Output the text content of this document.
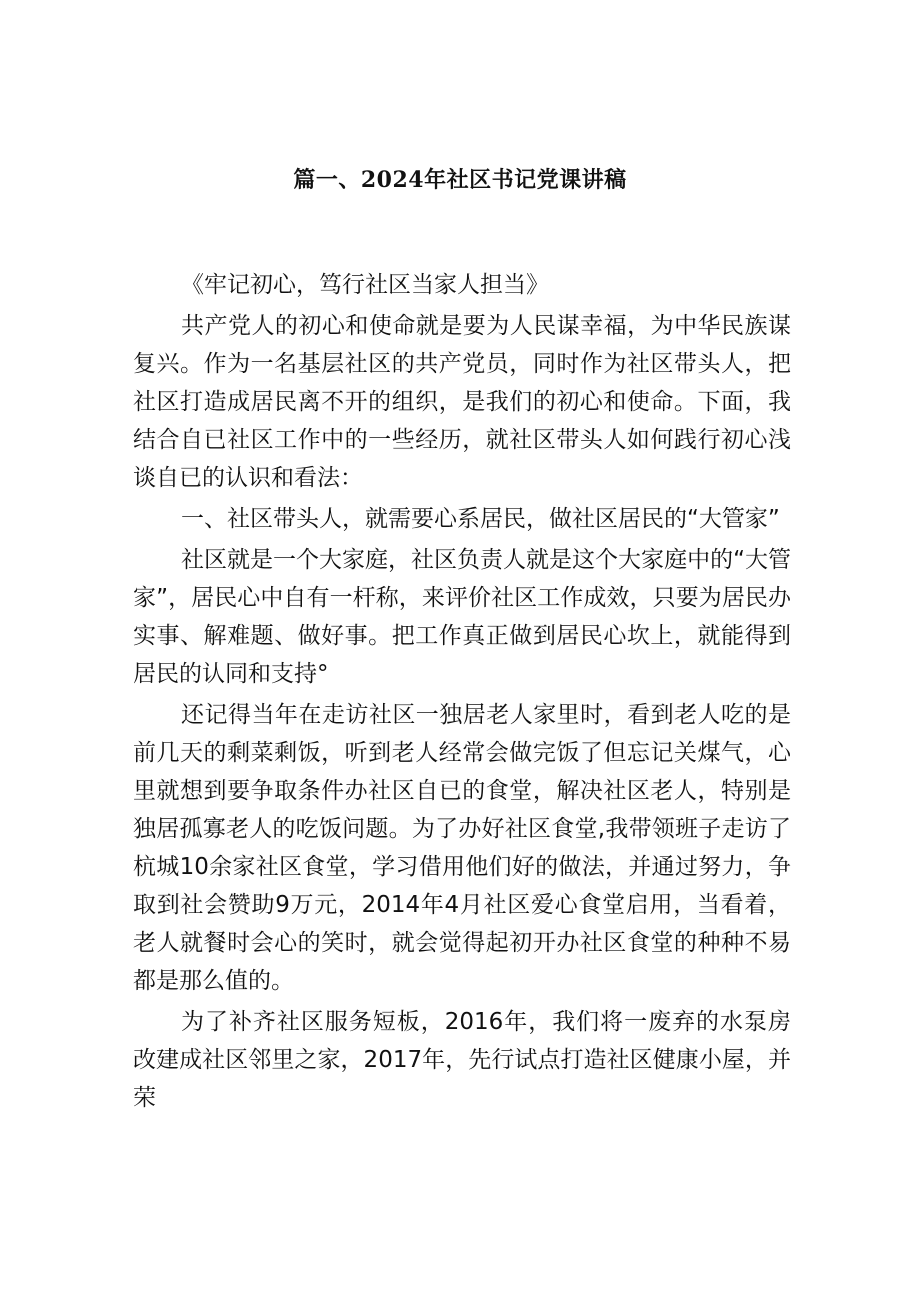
篇一、2024年社区书记党课讲稿

《牢记初心，笃行社区当家人担当》

共产党人的初心和使命就是要为人民谋幸福，为中华民族谋复兴。作为一名基层社区的共产党员，同时作为社区带头人，把社区打造成居民离不开的组织，是我们的初心和使命。下面，我结合自已社区工作中的一些经历，就社区带头人如何践行初心浅谈自已的认识和看法：

一、社区带头人，就需要心系居民，做社区居民的“大管家”

社区就是一个大家庭，社区负责人就是这个大家庭中的“大管家”，居民心中自有一杆称，来评价社区工作成效，只要为居民办实事、解难题、做好事。把工作真正做到居民心坎上，就能得到居民的认同和支持°

还记得当年在走访社区一独居老人家里时，看到老人吃的是前几天的剩菜剩饭，听到老人经常会做完饭了但忘记关煤气，心里就想到要争取条件办社区自已的食堂，解决社区老人，特别是独居孤寡老人的吃饭问题。为了办好社区食堂,我带领班子走访了杭城10余家社区食堂，学习借用他们好的做法，并通过努力，争取到社会赞助9万元，2014年4月社区爱心食堂启用，当看着，老人就餐时会心的笑时，就会觉得起初开办社区食堂的种种不易都是那么值的。

为了补齐社区服务短板，2016年，我们将一废弃的水泵房改建成社区邻里之家，2017年，先行试点打造社区健康小屋，并荣
